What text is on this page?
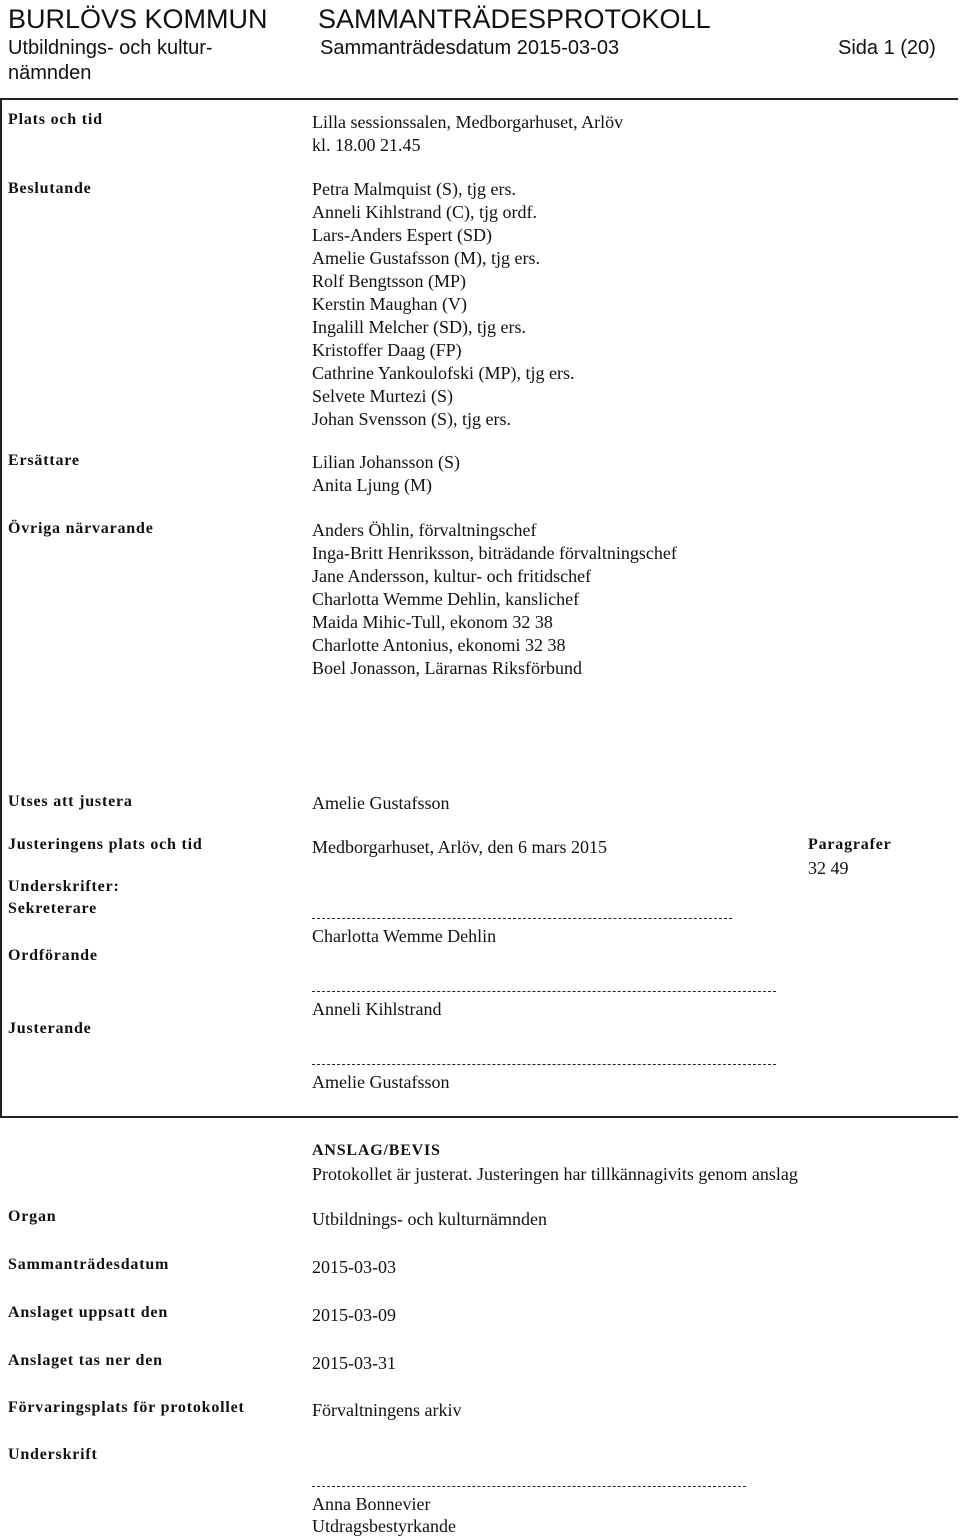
BURLÖVS KOMMUN SAMMANTRÄDESPROTOKOLL
Utbildnings- och kultur-
nämnden
Sammanträdesdatum 2015-03-03	Sida 1 (20)
Plats och tid	Lilla sessionssalen, Medborgarhuset, Arlöv
kl. 18.00 21.45
Beslutande	Petra Malmquist (S), tjg ers.
Anneli Kihlstrand (C), tjg ordf.
Lars-Anders Espert (SD)
Amelie Gustafsson (M), tjg ers.
Rolf Bengtsson (MP)
Kerstin Maughan (V)
Ingalill Melcher (SD), tjg ers.
Kristoffer Daag (FP)
Cathrine Yankoulofski (MP), tjg ers.
Selvete Murtezi (S)
Johan Svensson (S), tjg ers.
Ersättare	Lilian Johansson (S)
Anita Ljung (M)
Övriga närvarande	Anders Öhlin, förvaltningschef
Inga-Britt Henriksson, biträdande förvaltningschef
Jane Andersson, kultur- och fritidschef
Charlotta Wemme Dehlin, kanslichef
Maida Mihic-Tull, ekonom 32 38
Charlotte Antonius, ekonomi 32 38
Boel Jonasson, Lärarnas Riksförbund
Utses att justera	Amelie Gustafsson
Justeringens plats och tid	Medborgarhuset, Arlöv, den 6 mars 2015	Paragrafer
32 49
Underskrifter:
Sekreterare
Charlotta Wemme Dehlin
Ordförande
Anneli Kihlstrand
Justerande
Amelie Gustafsson
ANSLAG/BEVIS
Protokollet är justerat. Justeringen har tillkännagivits genom anslag
Organ	Utbildnings- och kulturnämnden
Sammanträdesdatum	2015-03-03
Anslaget uppsatt den	2015-03-09
Anslaget tas ner den	2015-03-31
Förvaringsplats för protokollet	Förvaltningens arkiv
Underskrift
Anna Bonnevier
Utdragsbestyrkande
